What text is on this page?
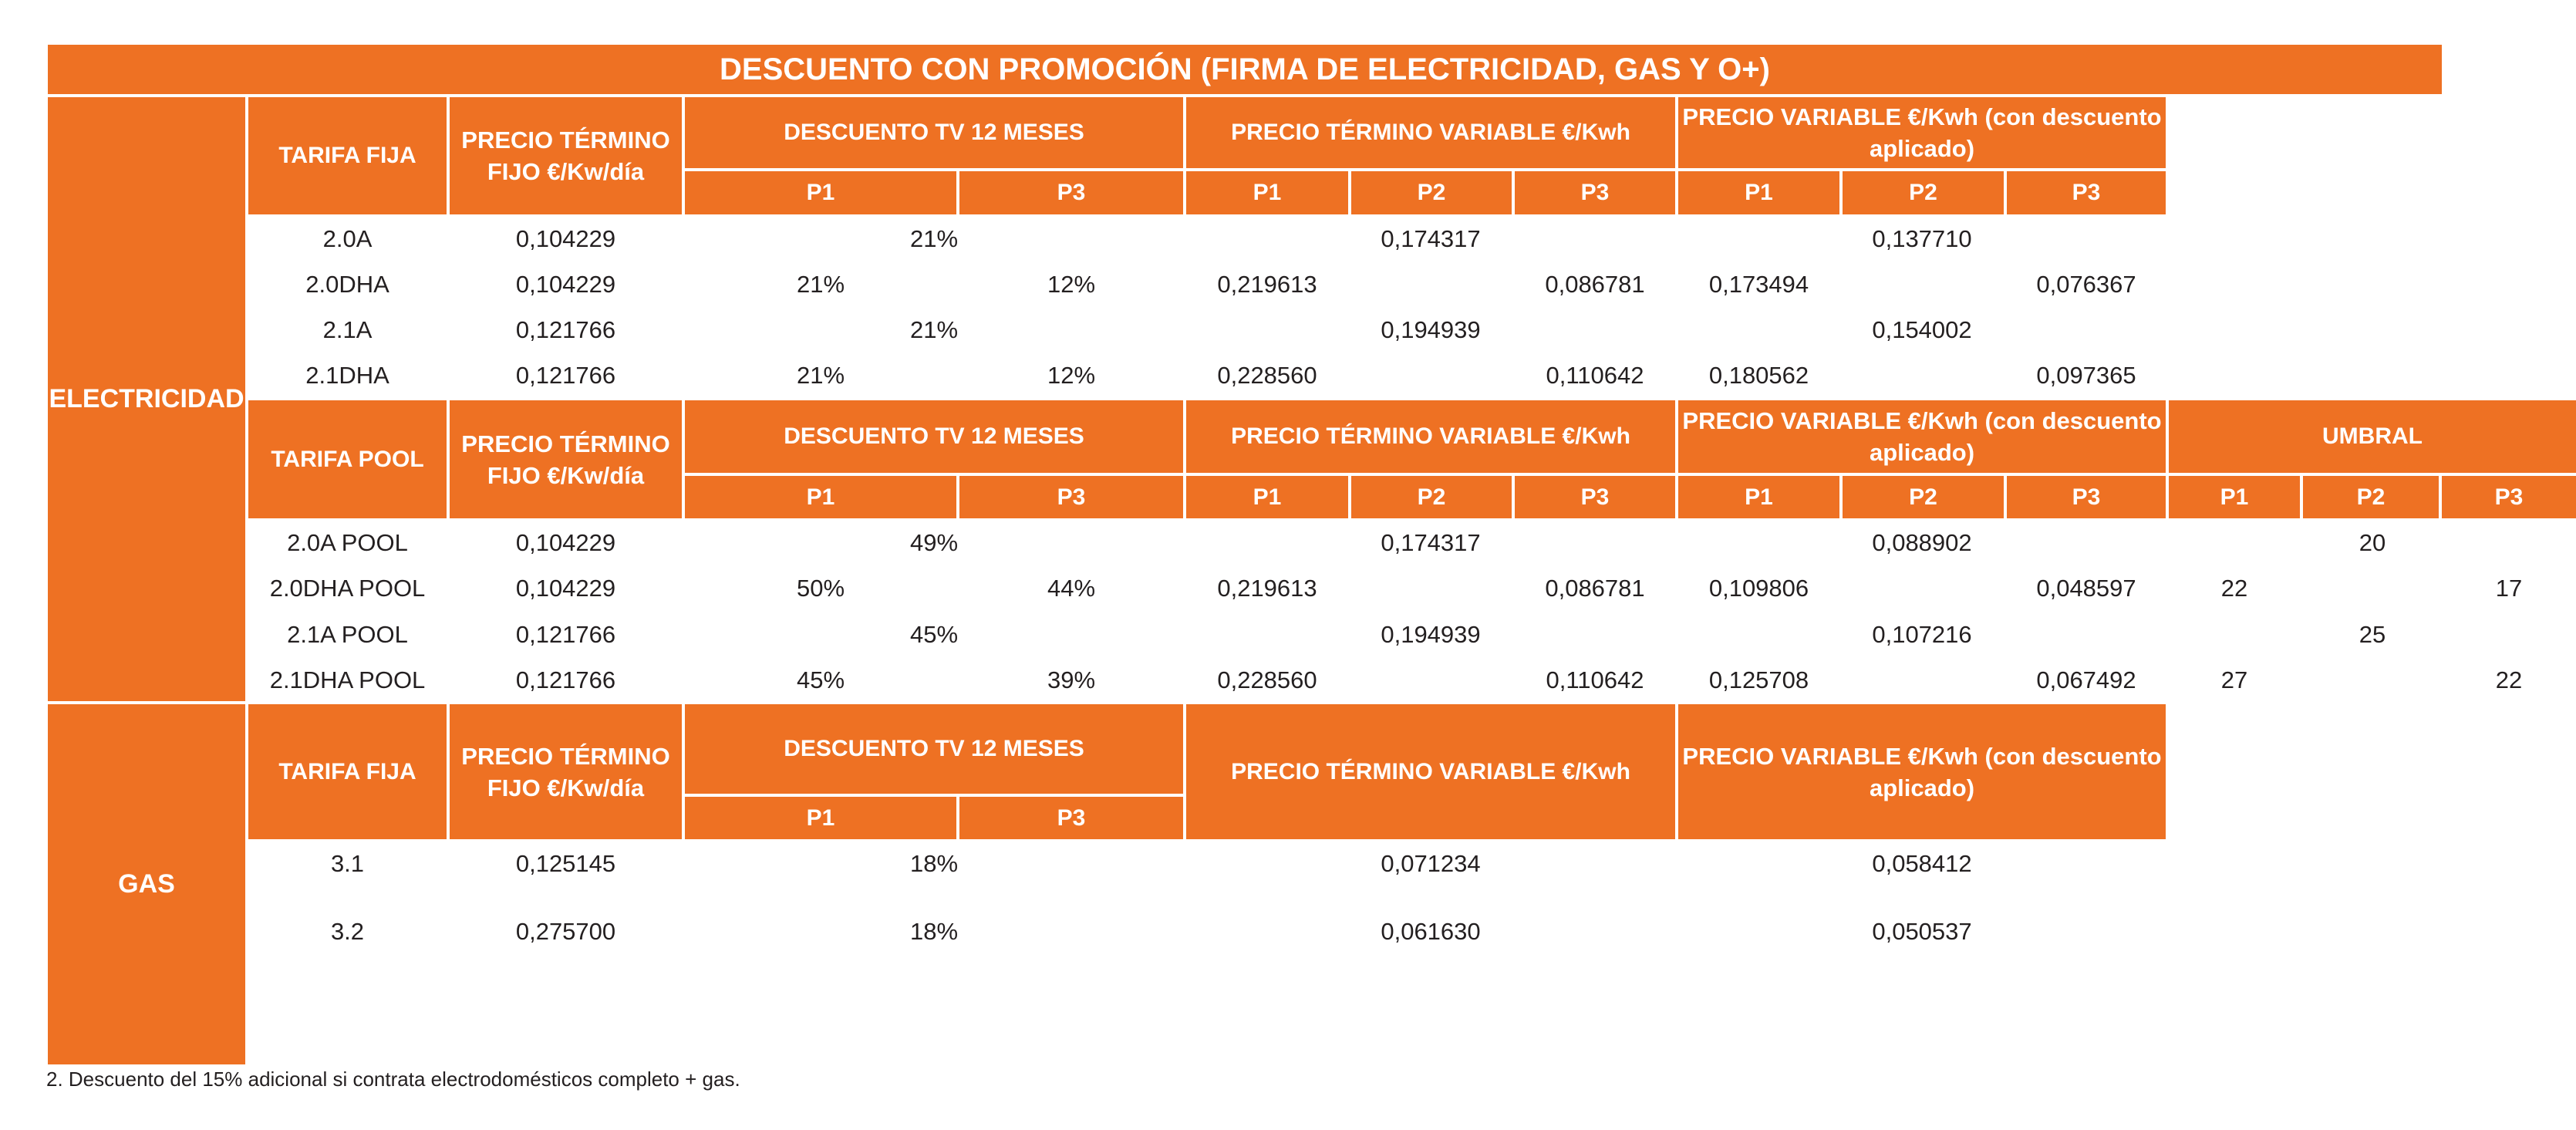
DESCUENTO CON PROMOCIÓN (FIRMA DE ELECTRICIDAD, GAS Y O+)
ELECTRICIDAD
GAS
TARIFA FIJA
PRECIO TÉRMINO FIJO €/Kw/día
DESCUENTO TV 12 MESES	PRECIO TÉRMINO VARIABLE €/Kwh
PRECIO VARIABLE €/Kwh (con descuento aplicado)
P1	P3	P1	P2	P3	P1	P2	P3
2.0A	0,104229	21%	0,174317	0,137710
2.0DHA	0,104229	21%	12%	0,219613	0,086781	0,173494	0,076367
2.1A	0,121766	21%	0,194939	0,154002
2.1DHA	0,121766	21%	12%	0,228560	0,110642	0,180562	0,097365
TARIFA POOL
PRECIO TÉRMINO FIJO €/Kw/día
DESCUENTO TV 12 MESES	PRECIO TÉRMINO VARIABLE €/Kwh
PRECIO VARIABLE €/Kwh (con descuento aplicado)
UMBRAL
P1	P3	P1	P2	P3	P1	P2	P3	P1	P2	P3
2.0A POOL	0,104229	49%	0,174317	0,088902	20
2.0DHA POOL	0,104229	50%	44%	0,219613	0,086781	0,109806	0,048597	22	17
2.1A POOL	0,121766	45%	0,194939	0,107216	25
2.1DHA POOL	0,121766	45%	39%	0,228560	0,110642	0,125708	0,067492	27	22
TARIFA FIJA
PRECIO TÉRMINO FIJO €/Kw/día
DESCUENTO TV 12 MESES
P1	P3
PRECIO TÉRMINO VARIABLE €/Kwh
PRECIO VARIABLE €/Kwh (con descuento aplicado)
3.1	0,125145	18%	0,071234	0,058412
3.2	0,275700	18%	0,061630	0,050537
2. Descuento del 15% adicional si contrata electrodomésticos completo + gas.
